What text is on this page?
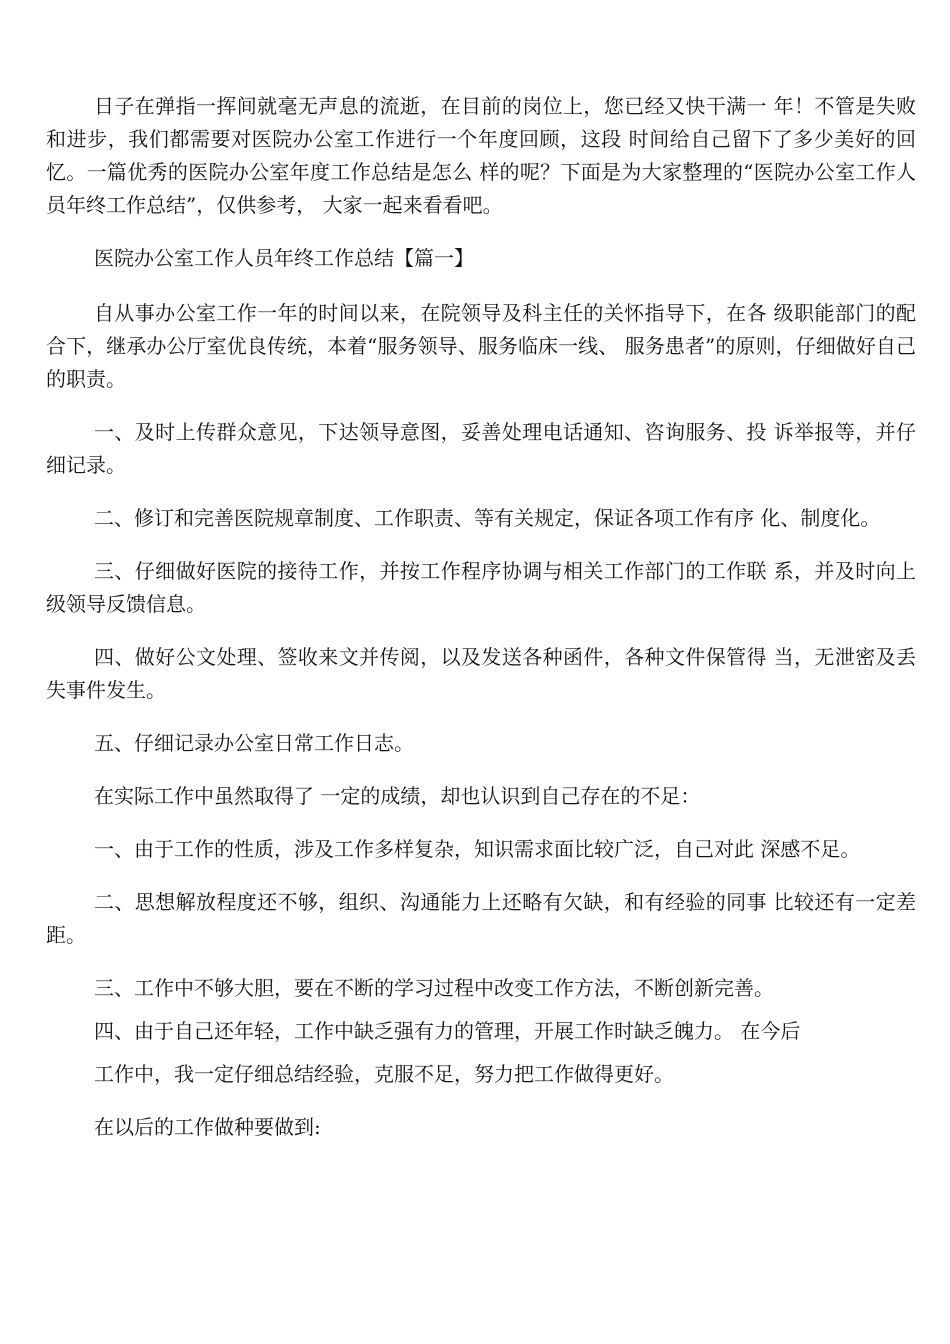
日子在弹指一挥间就毫无声息的流逝，在目前的岗位上，您已经又快干满一 年！不管是失败和进步，我们都需要对医院办公室工作进行一个年度回顾，这段 时间给自己留下了多少美好的回忆。一篇优秀的医院办公室年度工作总结是怎么 样的呢？下面是为大家整理的“医院办公室工作人员年终工作总结”，仅供参考， 大家一起来看看吧。

医院办公室工作人员年终工作总结【篇一】

自从事办公室工作一年的时间以来，在院领导及科主任的关怀指导下，在各 级职能部门的配合下，继承办公厅室优良传统，本着“服务领导、服务临床一线、 服务患者”的原则，仔细做好自己的职责。

一、及时上传群众意见，下达领导意图，妥善处理电话通知、咨询服务、投 诉举报等，并仔细记录。

二、修订和完善医院规章制度、工作职责、等有关规定，保证各项工作有序 化、制度化。

三、仔细做好医院的接待工作，并按工作程序协调与相关工作部门的工作联 系，并及时向上级领导反馈信息。

四、做好公文处理、签收来文并传阅，以及发送各种函件，各种文件保管得 当，无泄密及丢失事件发生。

五、仔细记录办公室日常工作日志。

在实际工作中虽然取得了 一定的成绩，却也认识到自己存在的不足：

一、由于工作的性质，涉及工作多样复杂，知识需求面比较广泛，自己对此 深感不足。

二、思想解放程度还不够，组织、沟通能力上还略有欠缺，和有经验的同事 比较还有一定差距。

三、工作中不够大胆，要在不断的学习过程中改变工作方法，不断创新完善。

四、由于自己还年轻，工作中缺乏强有力的管理，开展工作时缺乏魄力。 在今后

工作中，我一定仔细总结经验，克服不足，努力把工作做得更好。

在以后的工作做种要做到:
